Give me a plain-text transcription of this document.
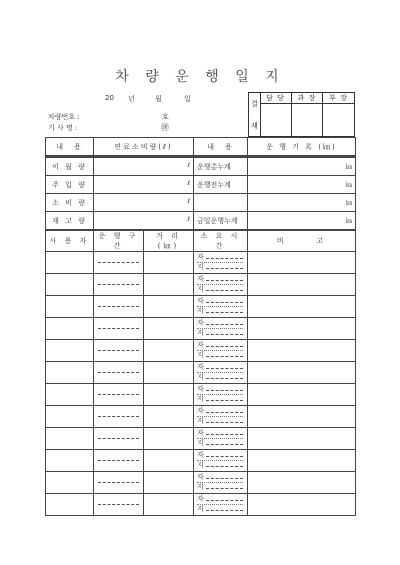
차 량 운 행 일 지
20 년	월	일
차량번호 :	호
기 사 명 :	㊞
결
재
담 당	과 장	부 장
내　용	연료소비량(ℓ)	내　용	운 행 기 록 (㎞)

이 월 량	ℓ	운행총누계	㎞

주 입 량	ℓ	운행전누계	㎞

소 비 량	ℓ		㎞

재 고 량	ℓ	금일운행누계	㎞
사 용 자	운 행 구 간	거 리 (㎞)	소 요 시 간	비　　　고

			자
지	

			자
지	

			자
지	

			자
지	

			자
지	

			자
지	

			자
지	

			자
지	

			자
지	

			자
지	

			자
지	

			자
지	
